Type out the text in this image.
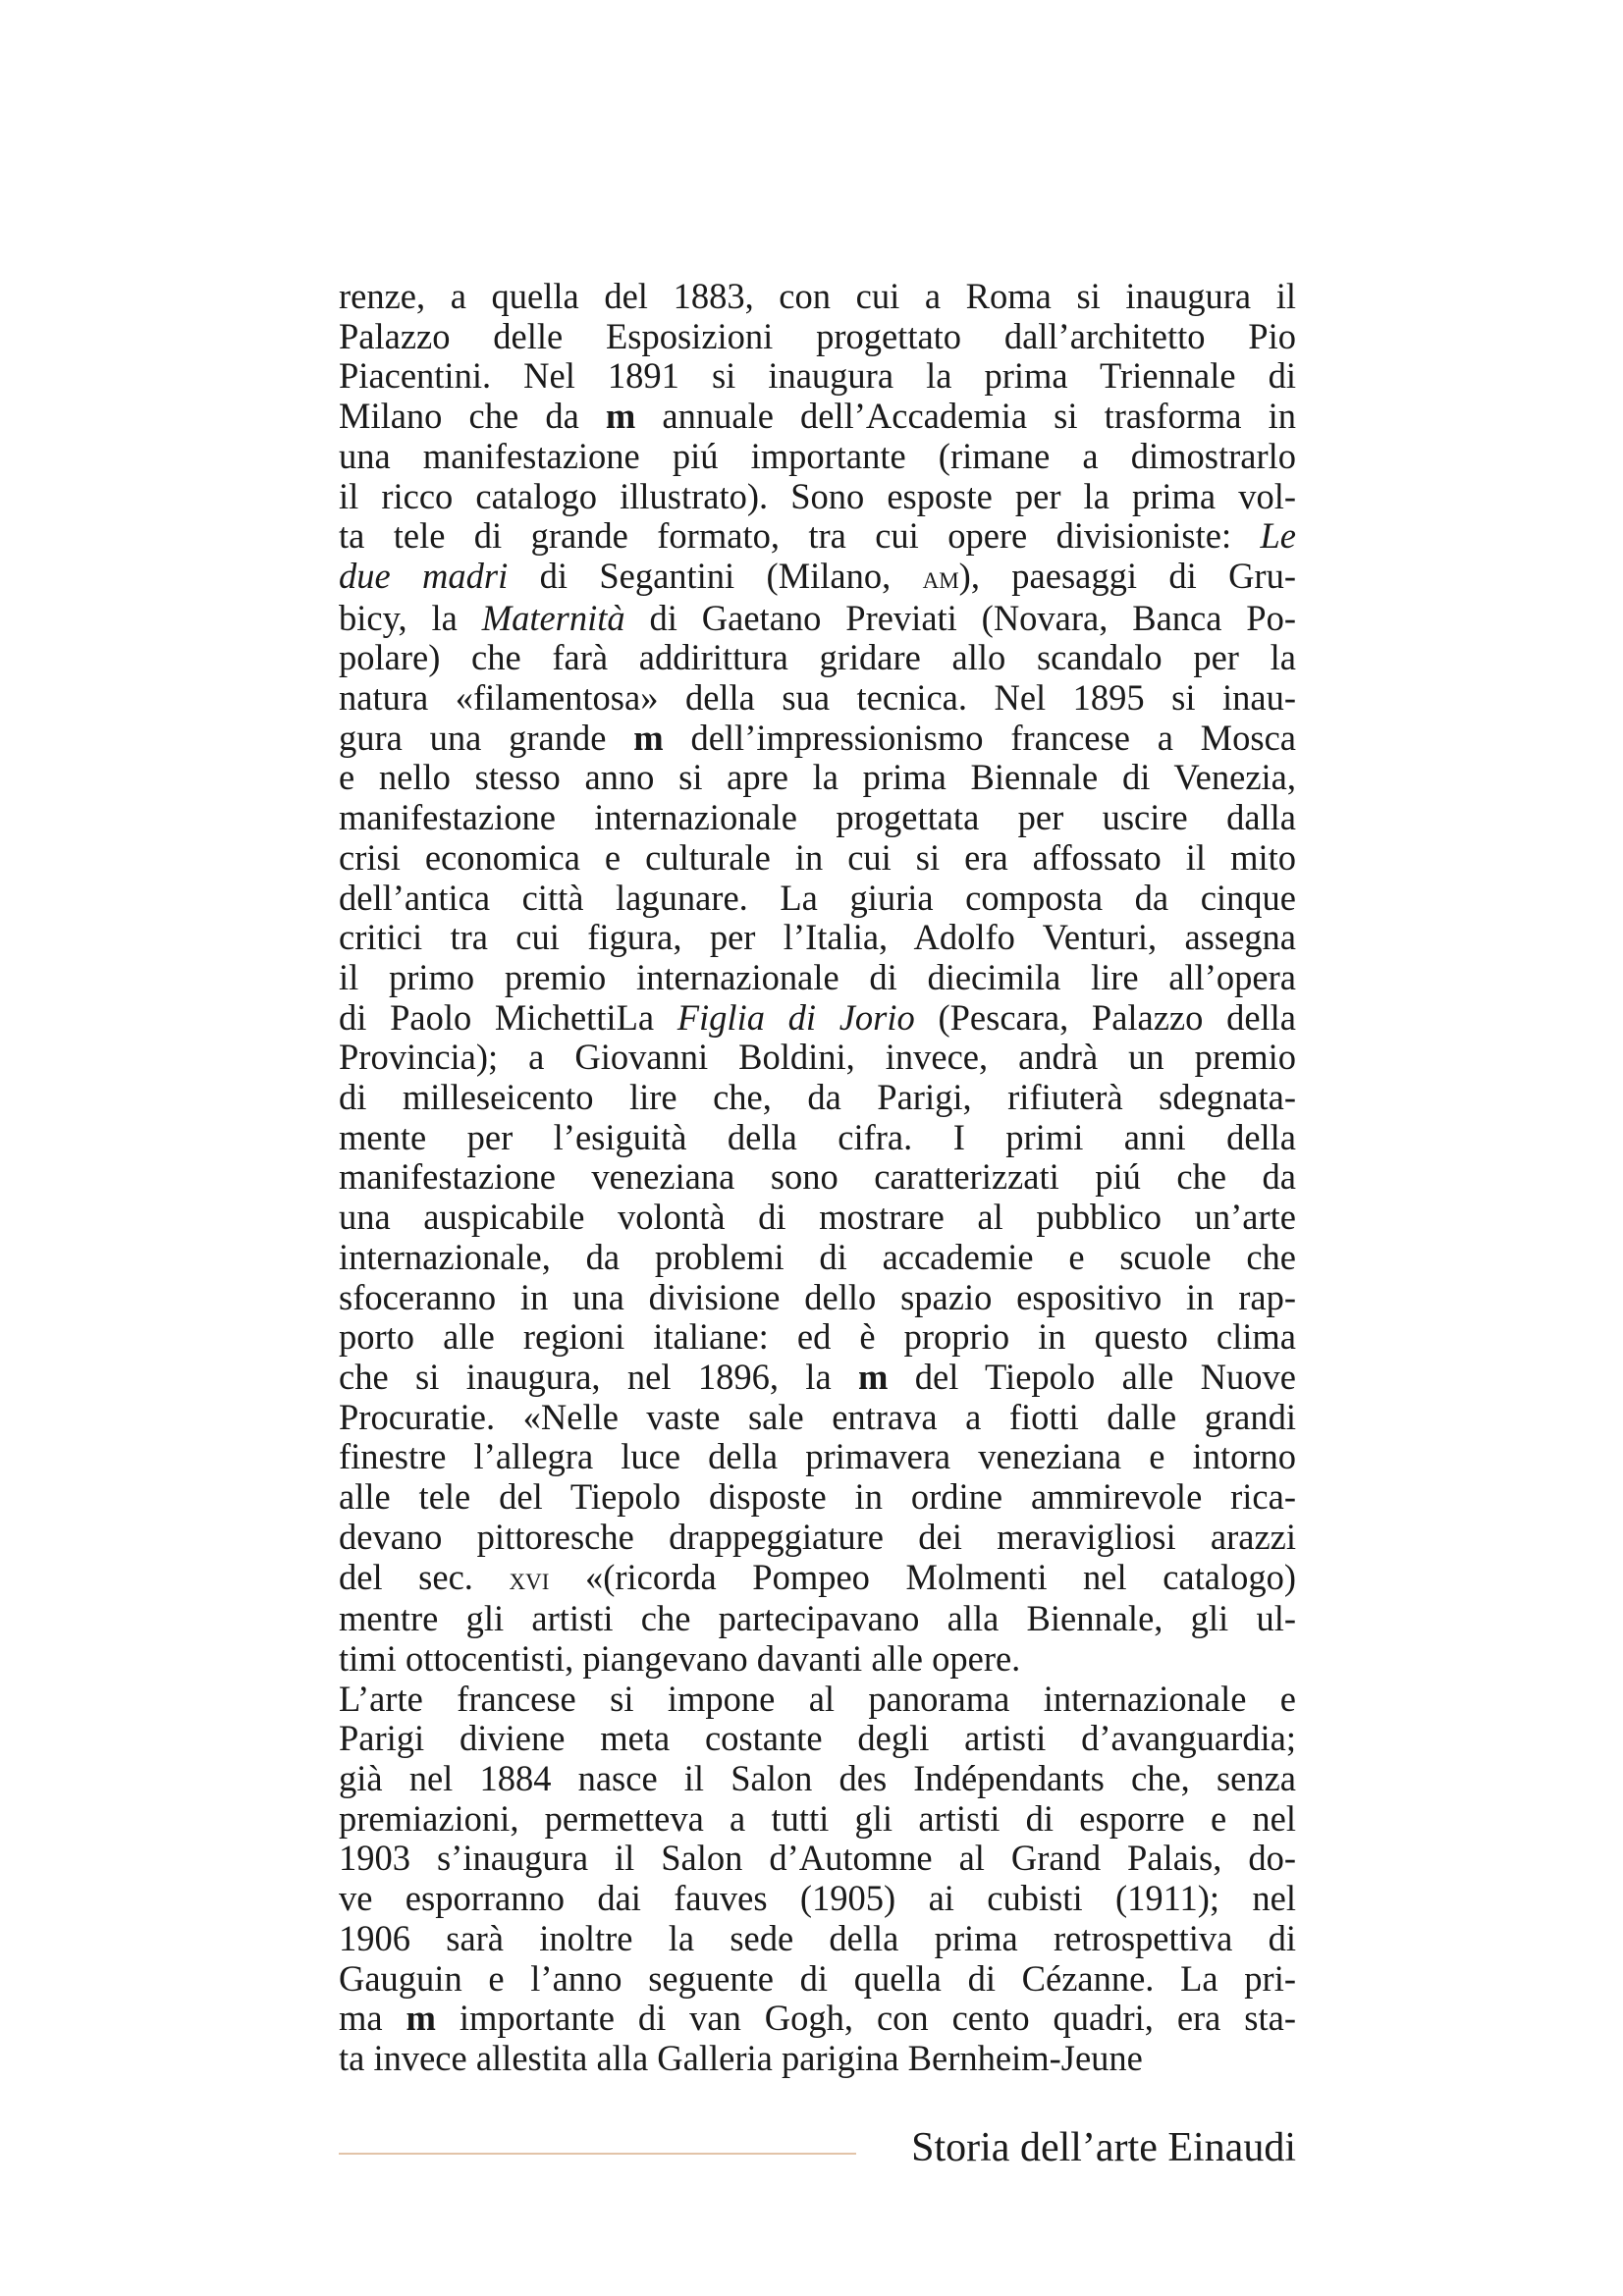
renze, a quella del 1883, con cui a Roma si inaugura il
Palazzo delle Esposizioni progettato dall’architetto Pio
Piacentini. Nel 1891 si inaugura la prima Triennale di
Milano che da m annuale dell’Accademia si trasforma in
una manifestazione piú importante (rimane a dimostrarlo
il ricco catalogo illustrato). Sono esposte per la prima vol-
ta tele di grande formato, tra cui opere divisioniste: Le
due madri di Segantini (Milano, am), paesaggi di Gru-
bicy, la Maternità di Gaetano Previati (Novara, Banca Po-
polare) che farà addirittura gridare allo scandalo per la
natura «filamentosa» della sua tecnica. Nel 1895 si inau-
gura una grande m dell’impressionismo francese a Mosca
e nello stesso anno si apre la prima Biennale di Venezia,
manifestazione internazionale progettata per uscire dalla
crisi economica e culturale in cui si era affossato il mito
dell’antica città lagunare. La giuria composta da cinque
critici tra cui figura, per l’Italia, Adolfo Venturi, assegna
il primo premio internazionale di diecimila lire all’opera
di Paolo MichettiLa Figlia di Jorio (Pescara, Palazzo della
Provincia); a Giovanni Boldini, invece, andrà un premio
di milleseicento lire che, da Parigi, rifiuterà sdegnata-
mente per l’esiguità della cifra. I primi anni della
manifestazione veneziana sono caratterizzati piú che da
una auspicabile volontà di mostrare al pubblico un’arte
internazionale, da problemi di accademie e scuole che
sfoceranno in una divisione dello spazio espositivo in rap-
porto alle regioni italiane: ed è proprio in questo clima
che si inaugura, nel 1896, la m del Tiepolo alle Nuove
Procuratie. «Nelle vaste sale entrava a fiotti dalle grandi
finestre l’allegra luce della primavera veneziana e intorno
alle tele del Tiepolo disposte in ordine ammirevole rica-
devano pittoresche drappeggiature dei meravigliosi arazzi
del sec. xvi «(ricorda Pompeo Molmenti nel catalogo)
mentre gli artisti che partecipavano alla Biennale, gli ul-
timi ottocentisti, piangevano davanti alle opere.
L’arte francese si impone al panorama internazionale e
Parigi diviene meta costante degli artisti d’avanguardia;
già nel 1884 nasce il Salon des Indépendants che, senza
premiazioni, permetteva a tutti gli artisti di esporre e nel
1903 s’inaugura il Salon d’Automne al Grand Palais, do-
ve esporranno dai fauves (1905) ai cubisti (1911); nel
1906 sarà inoltre la sede della prima retrospettiva di
Gauguin e l’anno seguente di quella di Cézanne. La pri-
ma m importante di van Gogh, con cento quadri, era sta-
ta invece allestita alla Galleria parigina Bernheim-Jeune
Storia dell’arte Einaudi
